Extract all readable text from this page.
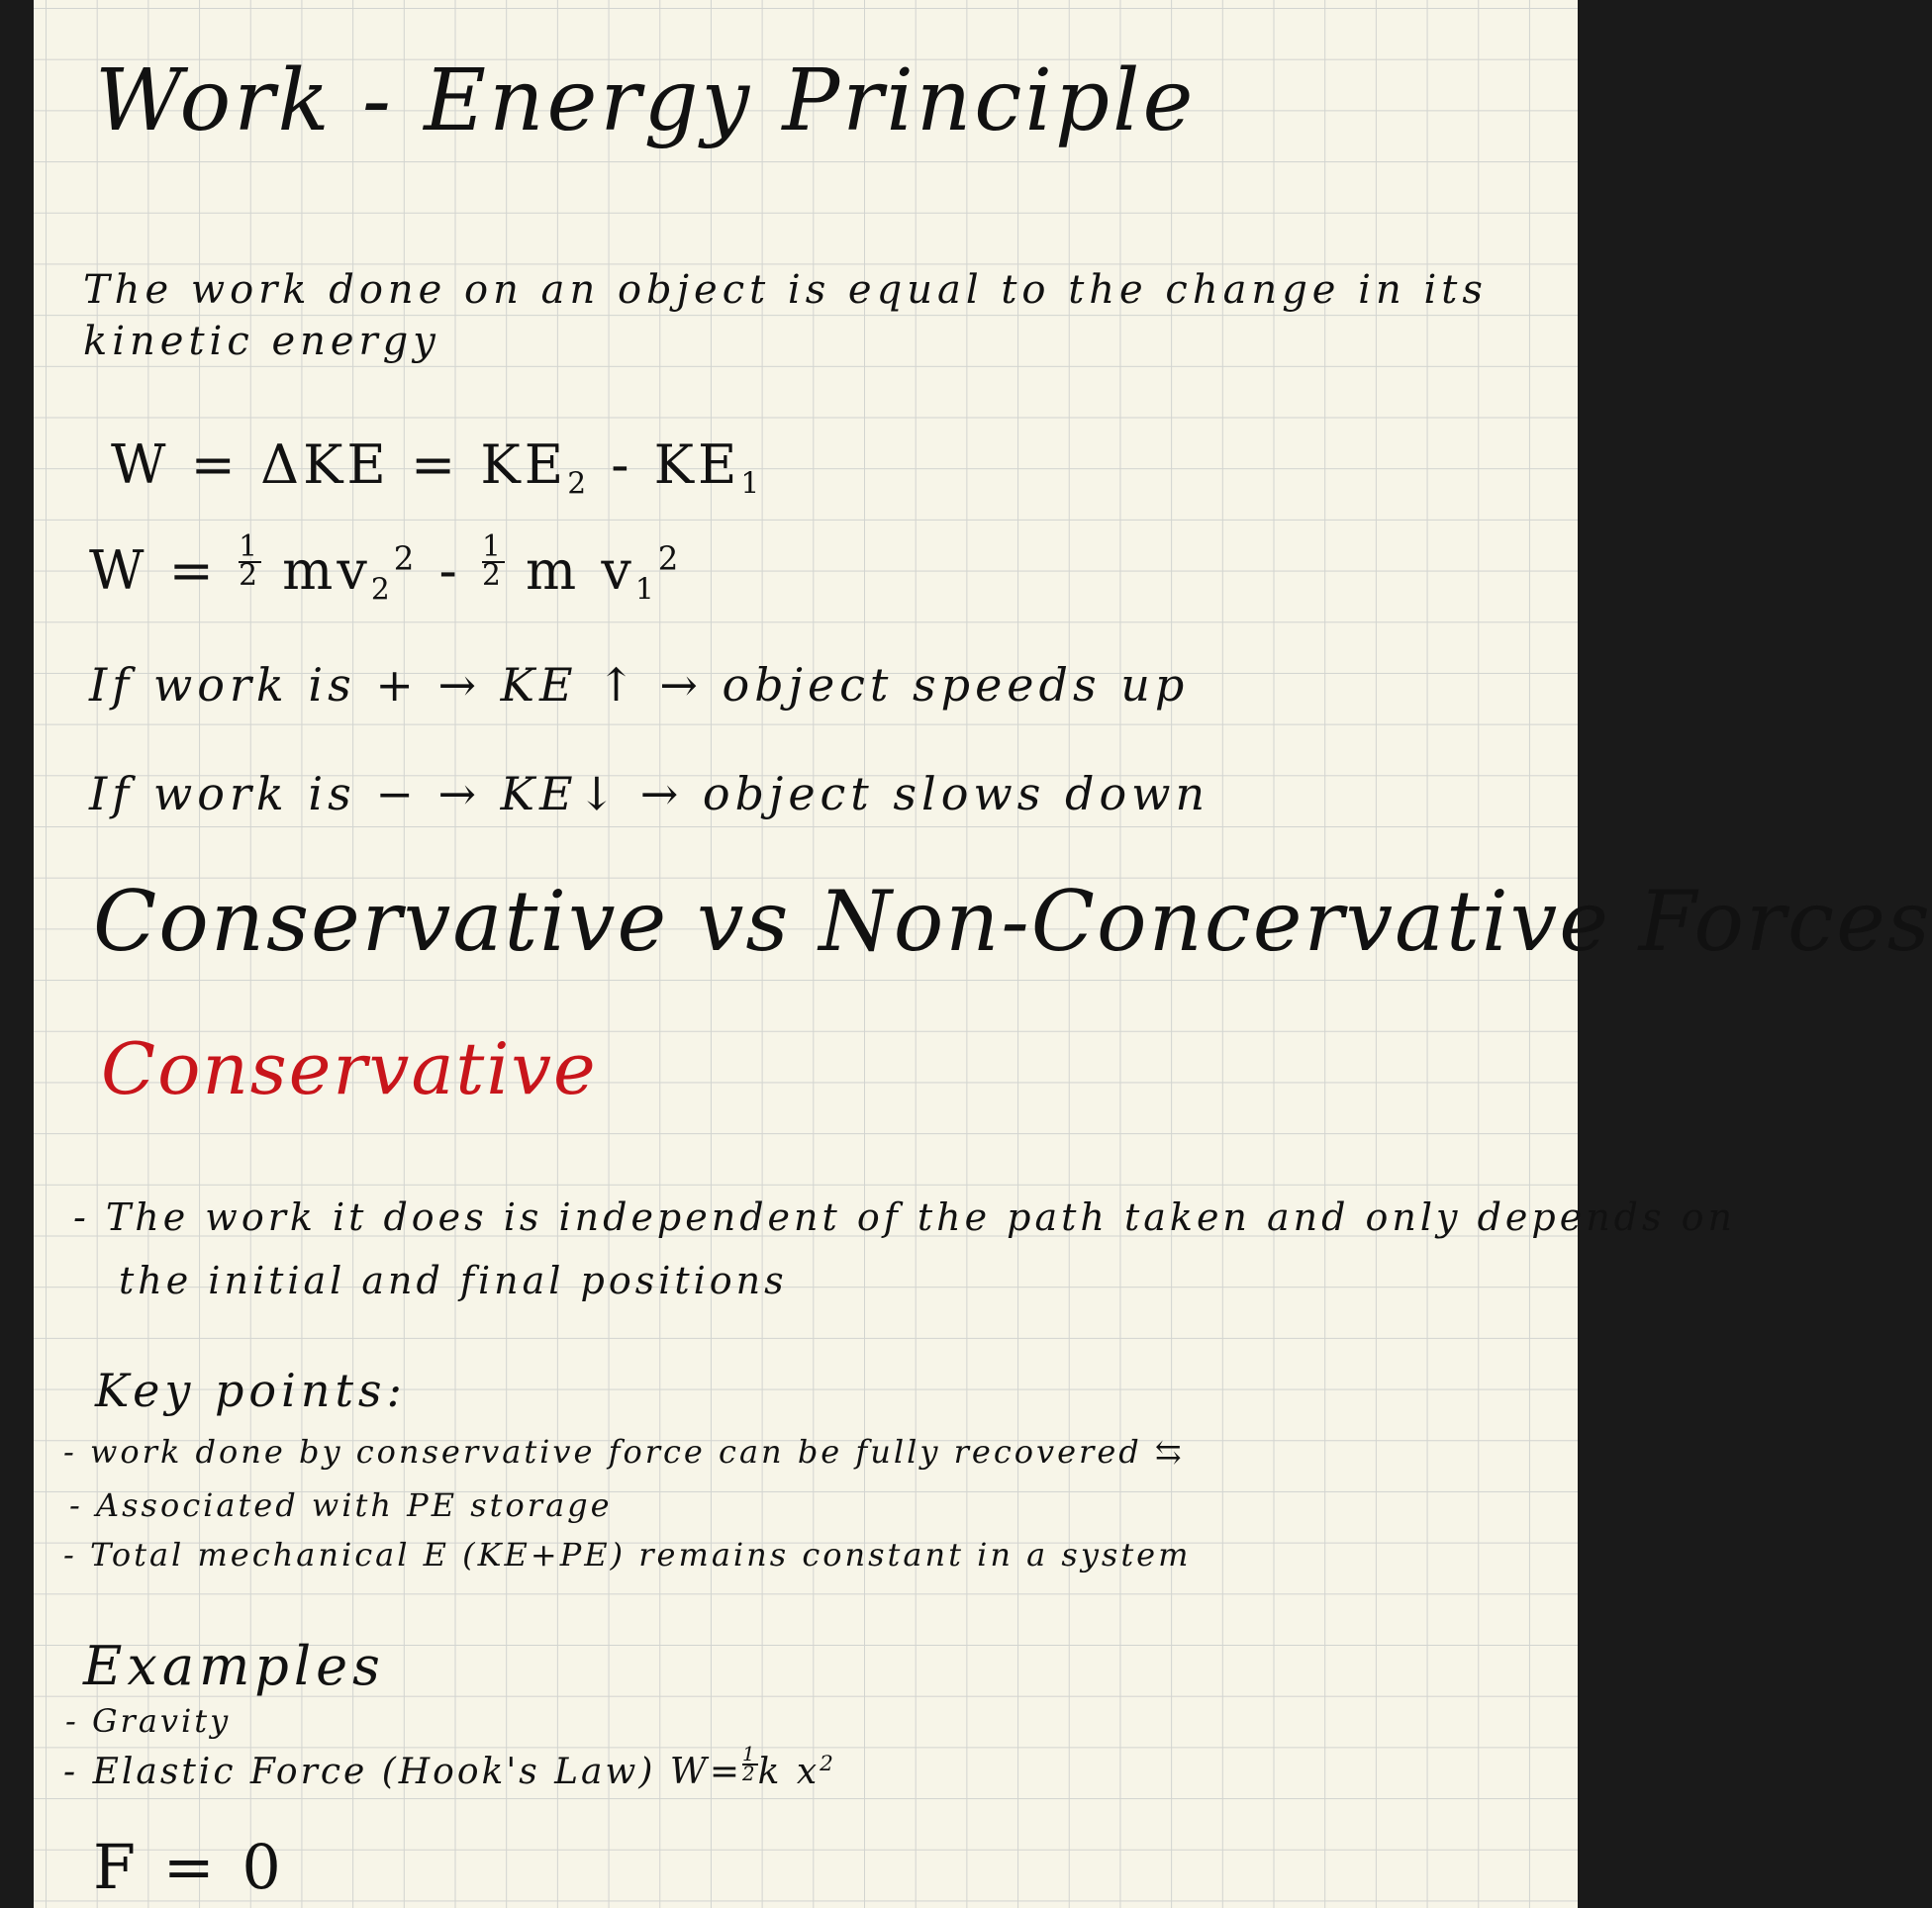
Work - Energy Principle
The work done on an object is equal to the change in its
kinetic energy
$W = \Delta KE = KE_2 - KE_1$
$W = \frac{1}{2} mv_2^2 - \frac{1}{2}$ m $v_1^2$
If work is + → KE ↑ → object speeds up
If work is − → KE↓ → object slows down
Conservative vs Non-Concervative Forces
Conservative
- The work it does is independent of the path taken and only depends on
the initial and final positions
Key points:
- work done by conservative force can be fully recovered ⇆
- Associated with PE storage
- Total mechanical E (KE+PE) remains constant in a system
Examples
- Gravity
- Elastic Force (Hook's Law) $W= \frac{1}{2}$ k $x^2$
F = 0
